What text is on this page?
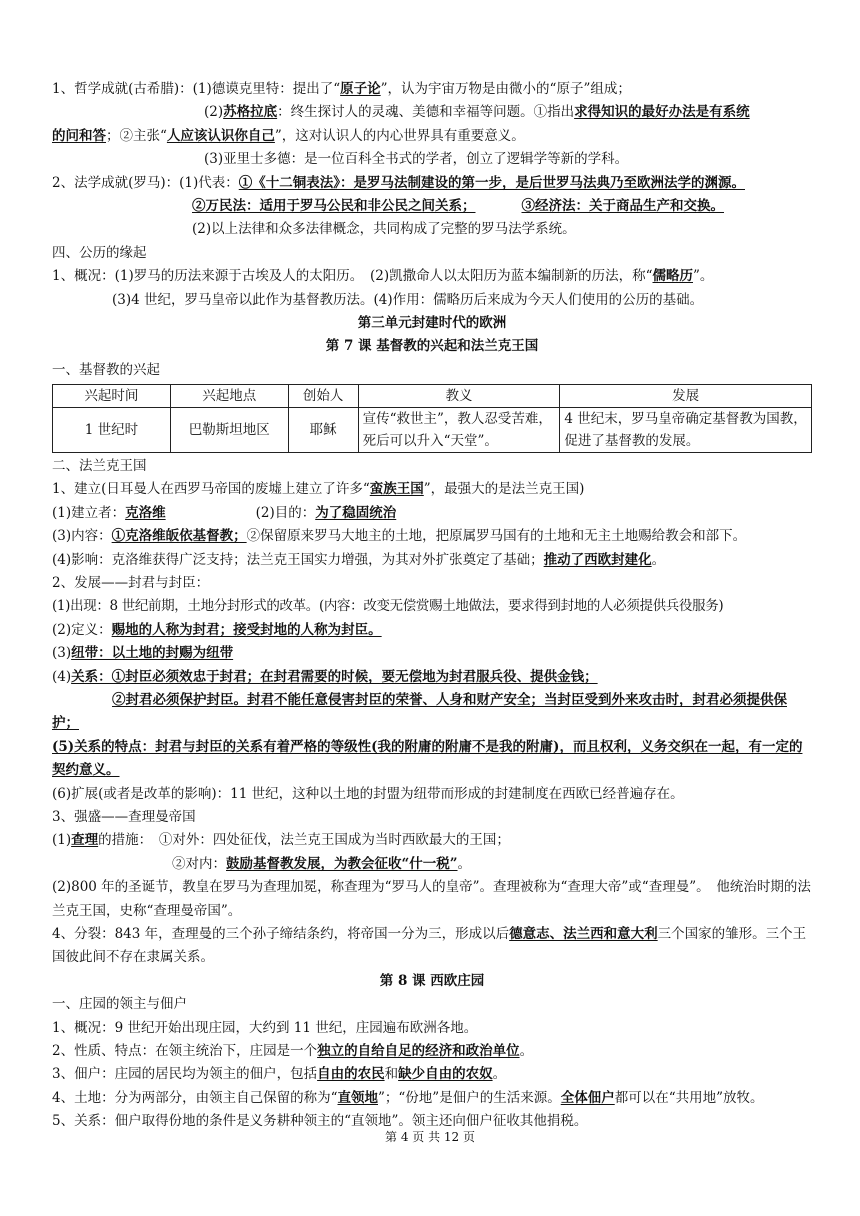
1、哲学成就(古希腊)：(1)德谟克里特：提出了“原子论”，认为宇宙万物是由微小的“原子”组成；
(2)苏格拉底：终生探讨人的灵魂、美德和幸福等问题。①指出求得知识的最好办法是有系统
的问和答；②主张“人应该认识你自己”，这对认识人的内心世界具有重要意义。
(3)亚里士多德：是一位百科全书式的学者，创立了逻辑学等新的学科。
2、法学成就(罗马)：(1)代表：①《十二铜表法》：是罗马法制建设的第一步，是后世罗马法典乃至欧洲法学的渊源。
②万民法：适用于罗马公民和非公民之间关系；	③经济法：关于商品生产和交换。
(2)以上法律和众多法律概念，共同构成了完整的罗马法学系统。
四、公历的缘起
1、概况：(1)罗马的历法来源于古埃及人的太阳历。　(2)凯撒命人以太阳历为蓝本编制新的历法，称“儒略历”。
(3)4 世纪，罗马皇帝以此作为基督教历法。(4)作用：儒略历后来成为今天人们使用的公历的基础。
第三单元封建时代的欧洲
第 7 课 基督教的兴起和法兰克王国
一、基督教的兴起
兴起时间	兴起地点	创始人	教义	发展
1 世纪时	巴勒斯坦地区	耶稣	宣传“救世主”，教人忍受苦难，死后可以升入“天堂”。	4 世纪末，罗马皇帝确定基督教为国教，促进了基督教的发展。
二、法兰克王国
1、建立(日耳曼人在西罗马帝国的废墟上建立了许多“蛮族王国”，最强大的是法兰克王国)
(1)建立者：克洛维	(2)目的：为了稳固统治
(3)内容：①克洛维皈依基督教；②保留原来罗马大地主的土地，把原属罗马国有的土地和无主土地赐给教会和部下。
(4)影响：克洛维获得广泛支持；法兰克王国实力增强，为其对外扩张奠定了基础；推动了西欧封建化。
2、发展——封君与封臣：
(1)出现：8 世纪前期，土地分封形式的改革。(内容：改变无偿赏赐土地做法，要求得到封地的人必须提供兵役服务)
(2)定义：赐地的人称为封君；接受封地的人称为封臣。
(3)纽带：以土地的封赐为纽带
(4)关系：①封臣必须效忠于封君；在封君需要的时候，要无偿地为封君服兵役、提供金钱；
②封君必须保护封臣。封君不能任意侵害封臣的荣誉、人身和财产安全；当封臣受到外来攻击时，封君必须提供保护；
(5)关系的特点：封君与封臣的关系有着严格的等级性(我的附庸的附庸不是我的附庸)，而且权利，义务交织在一起，有一定的契约意义。
(6)扩展(或者是改革的影响)：11 世纪，这种以土地的封盟为纽带而形成的封建制度在西欧已经普遍存在。
3、强盛——查理曼帝国
(1)查理的措施：　①对外：四处征伐，法兰克王国成为当时西欧最大的王国；
②对内：鼓励基督教发展，为教会征收“什一税”。
(2)800 年的圣诞节，教皇在罗马为查理加冕，称查理为“罗马人的皇帝”。查理被称为“查理大帝”或“查理曼”。　他统治时期的法兰克王国，史称“查理曼帝国”。
4、分裂：843 年，查理曼的三个孙子缔结条约，将帝国一分为三，形成以后德意志、法兰西和意大利三个国家的雏形。三个王国彼此间不存在隶属关系。
第 8 课 西欧庄园
一、庄园的领主与佃户
1、概况：9 世纪开始出现庄园，大约到 11 世纪，庄园遍布欧洲各地。
2、性质、特点：在领主统治下，庄园是一个独立的自给自足的经济和政治单位。
3、佃户：庄园的居民均为领主的佃户，包括自由的农民和缺少自由的农奴。
4、土地：分为两部分，由领主自己保留的称为“直领地”；“份地”是佃户的生活来源。全体佃户都可以在“共用地”放牧。
5、关系：佃户取得份地的条件是义务耕种领主的“直领地”。领主还向佃户征收其他捐税。
第 4 页 共 12 页
